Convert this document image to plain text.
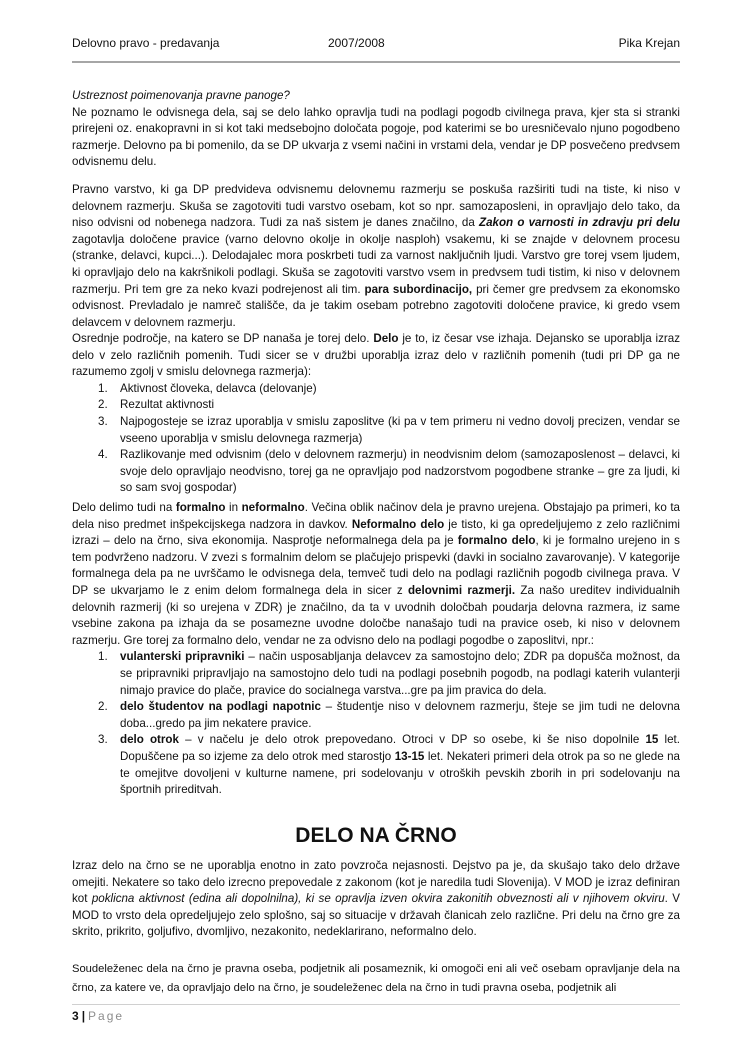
Delovno pravo - predavanja	2007/2008	Pika Krejan

Ustreznost poimenovanja pravne panoge?

Ne poznamo le odvisnega dela, saj se delo lahko opravlja tudi na podlagi pogodb civilnega prava, kjer sta si stranki prirejeni oz. enakopravni in si kot taki medsebojno določata pogoje, pod katerimi se bo uresničevalo njuno pogodbeno razmerje. Delovno pa bi pomenilo, da se DP ukvarja z vsemi načini in vrstami dela, vendar je DP posvečeno predvsem odvisnemu delu.

Pravno varstvo, ki ga DP predvideva odvisnemu delovnemu razmerju se poskuša razširiti tudi na tiste, ki niso v delovnem razmerju. Skuša se zagotoviti tudi varstvo osebam, kot so npr. samozaposleni, in opravljajo delo tako, da niso odvisni od nobenega nadzora. Tudi za naš sistem je danes značilno, da Zakon o varnosti in zdravju pri delu zagotavlja določene pravice (varno delovno okolje in okolje nasploh) vsakemu, ki se znajde v delovnem procesu (stranke, delavci, kupci...). Delodajalec mora poskrbeti tudi za varnost naključnih ljudi. Varstvo gre torej vsem ljudem, ki opravljajo delo na kakršnikoli podlagi. Skuša se zagotoviti varstvo vsem in predvsem tudi tistim, ki niso v delovnem razmerju. Pri tem gre za neko kvazi podrejenost ali tim. para subordinacijo, pri čemer gre predvsem za ekonomsko odvisnost. Prevladalo je namreč stališče, da je takim osebam potrebno zagotoviti določene pravice, ki gredo vsem delavcem v delovnem razmerju.

Osrednje področje, na katero se DP nanaša je torej delo. Delo je to, iz česar vse izhaja. Dejansko se uporablja izraz delo v zelo različnih pomenih. Tudi sicer se v družbi uporablja izraz delo v različnih pomenih (tudi pri DP ga ne razumemo zgolj v smislu delovnega razmerja):

1. Aktivnost človeka, delavca (delovanje)
2. Rezultat aktivnosti
3. Najpogosteje se izraz uporablja v smislu zaposlitve (ki pa v tem primeru ni vedno dovolj precizen, vendar se vseeno uporablja v smislu delovnega razmerja)
4. Razlikovanje med odvisnim (delo v delovnem razmerju) in neodvisnim delom (samozaposlenost – delavci, ki svoje delo opravljajo neodvisno, torej ga ne opravljajo pod nadzorstvom pogodbene stranke – gre za ljudi, ki so sam svoj gospodar)

Delo delimo tudi na formalno in neformalno. Večina oblik načinov dela je pravno urejena. Obstajajo pa primeri, ko ta dela niso predmet inšpekcijskega nadzora in davkov. Neformalno delo je tisto, ki ga opredeljujemo z zelo različnimi izrazi – delo na črno, siva ekonomija. Nasprotje neformalnega dela pa je formalno delo, ki je formalno urejeno in s tem podvrženo nadzoru. V zvezi s formalnim delom se plačujejo prispevki (davki in socialno zavarovanje). V kategorije formalnega dela pa ne uvrščamo le odvisnega dela, temveč tudi delo na podlagi različnih pogodb civilnega prava. V DP se ukvarjamo le z enim delom formalnega dela in sicer z delovnimi razmerji. Za našo ureditev individualnih delovnih razmerij (ki so urejena v ZDR) je značilno, da ta v uvodnih določbah poudarja delovna razmera, iz same vsebine zakona pa izhaja da se posamezne uvodne določbe nanašajo tudi na pravice oseb, ki niso v delovnem razmerju. Gre torej za formalno delo, vendar ne za odvisno delo na podlagi pogodbe o zaposlitvi, npr.:

1. vulanterski pripravniki – način usposabljanja delavcev za samostojno delo; ZDR pa dopušča možnost, da se pripravniki pripravljajo na samostojno delo tudi na podlagi posebnih pogodb, na podlagi katerih vulanterji nimajo pravice do plače, pravice do socialnega varstva...gre pa jim pravica do dela.
2. delo študentov na podlagi napotnic – študentje niso v delovnem razmerju, šteje se jim tudi ne delovna doba...gredo pa jim nekatere pravice.
3. delo otrok – v načelu je delo otrok prepovedano. Otroci v DP so osebe, ki še niso dopolnile 15 let. Dopuščene pa so izjeme za delo otrok med starostjo 13-15 let. Nekateri primeri dela otrok pa so ne glede na te omejitve dovoljeni v kulturne namene, pri sodelovanju v otroških pevskih zborih in pri sodelovanju na športnih prireditvah.
DELO NA ČRNO

Izraz delo na črno se ne uporablja enotno in zato povzroča nejasnosti. Dejstvo pa je, da skušajo tako delo države omejiti. Nekatere so tako delo izrecno prepovedale z zakonom (kot je naredila tudi Slovenija). V MOD je izraz definiran kot poklicna aktivnost (edina ali dopolnilna), ki se opravlja izven okvira zakonitih obveznosti ali v njihovem okviru. V MOD to vrsto dela opredeljujejo zelo splošno, saj so situacije v državah članicah zelo različne. Pri delu na črno gre za skrito, prikrito, goljufivo, dvomljivo, nezakonito, nedeklarirano, neformalno delo.

Soudeleženec dela na črno je pravna oseba, podjetnik ali posameznik, ki omogoči eni ali več osebam opravljanje dela na črno, za katere ve, da opravljajo delo na črno, je soudeleženec dela na črno in tudi pravna oseba, podjetnik ali

3 | Page
